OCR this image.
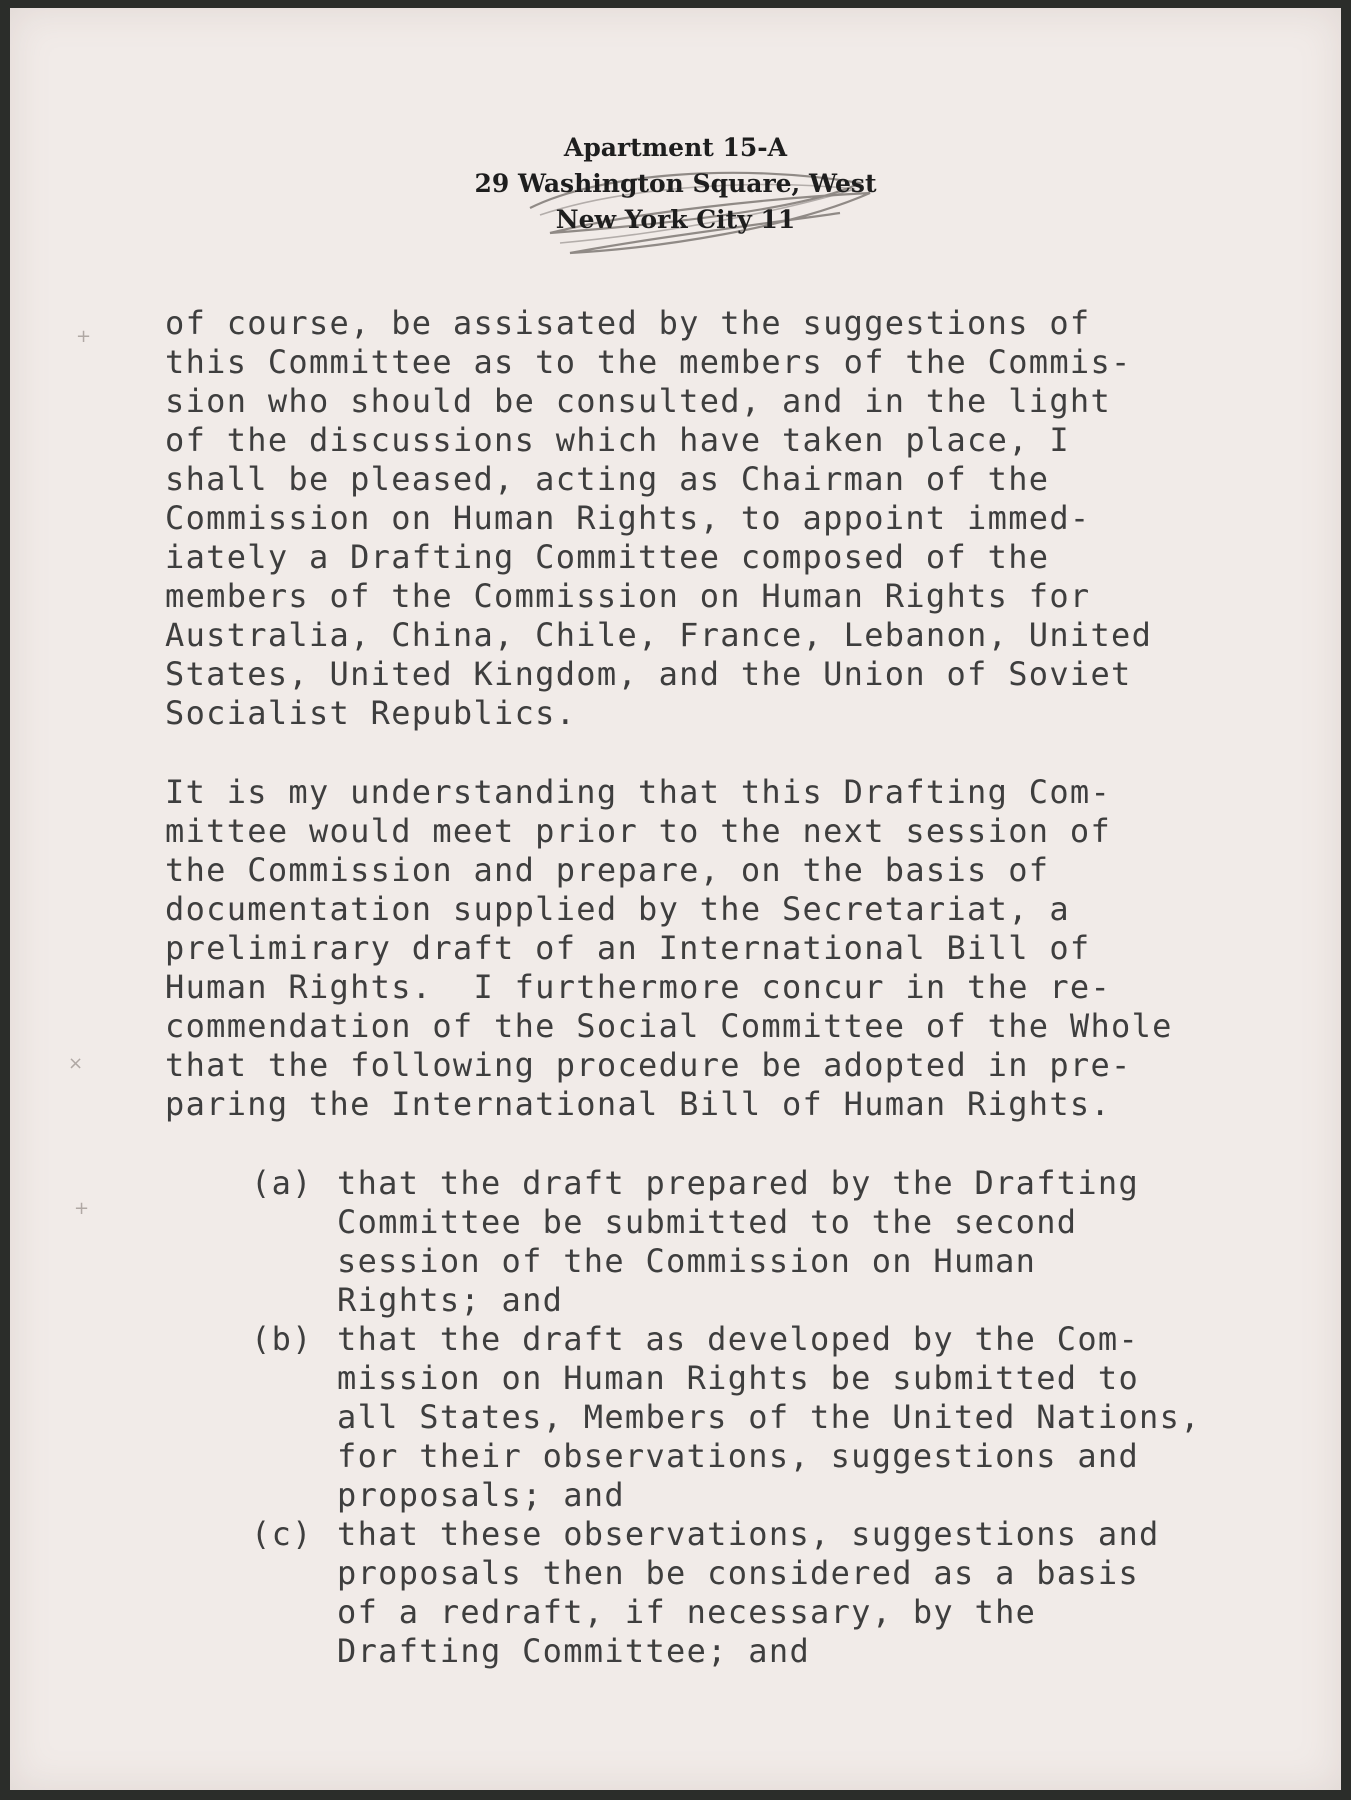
Apartment 15-A
29 Washington Square, West
New York City 11
+
×
+
of course, be assisated by the suggestions of
this Committee as to the members of the Commis-
sion who should be consulted, and in the light
of the discussions which have taken place, I
shall be pleased, acting as Chairman of the
Commission on Human Rights, to appoint immed-
iately a Drafting Committee composed of the
members of the Commission on Human Rights for
Australia, China, Chile, France, Lebanon, United
States, United Kingdom, and the Union of Soviet
Socialist Republics.
It is my understanding that this Drafting Com-
mittee would meet prior to the next session of
the Commission and prepare, on the basis of
documentation supplied by the Secretariat, a
prelimirary draft of an International Bill of
Human Rights.  I furthermore concur in the re-
commendation of the Social Committee of the Whole
that the following procedure be adopted in pre-
paring the International Bill of Human Rights.
(a) that the draft prepared by the Drafting
Committee be submitted to the second
session of the Commission on Human
Rights; and
(b) that the draft as developed by the Com-
mission on Human Rights be submitted to
all States, Members of the United Nations,
for their observations, suggestions and
proposals; and
(c) that these observations, suggestions and
proposals then be considered as a basis
of a redraft, if necessary, by the
Drafting Committee; and
